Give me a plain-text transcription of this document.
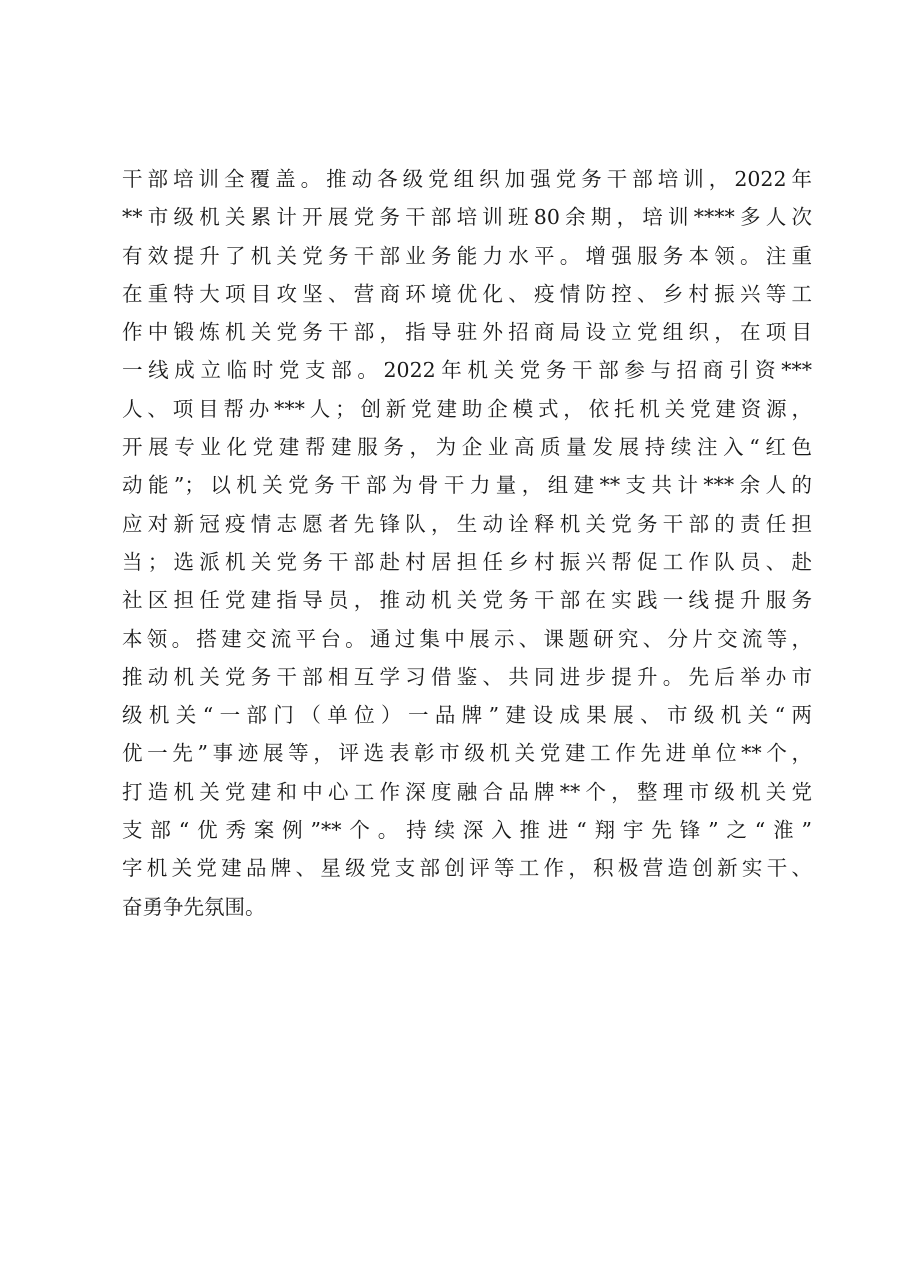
干部培训全覆盖。推动各级党组织加强党务干部培训，2022年
**市级机关累计开展党务干部培训班80余期，培训****多人次
有效提升了机关党务干部业务能力水平。增强服务本领。注重
在重特大项目攻坚、营商环境优化、疫情防控、乡村振兴等工
作中锻炼机关党务干部，指导驻外招商局设立党组织，在项目
一线成立临时党支部。2022年机关党务干部参与招商引资***
人、项目帮办***人；创新党建助企模式，依托机关党建资源，
开展专业化党建帮建服务，为企业高质量发展持续注入“红色
动能”；以机关党务干部为骨干力量，组建**支共计***余人的
应对新冠疫情志愿者先锋队，生动诠释机关党务干部的责任担
当；选派机关党务干部赴村居担任乡村振兴帮促工作队员、赴
社区担任党建指导员，推动机关党务干部在实践一线提升服务
本领。搭建交流平台。通过集中展示、课题研究、分片交流等，
推动机关党务干部相互学习借鉴、共同进步提升。先后举办市
级机关“一部门（单位）一品牌”建设成果展、市级机关“两
优一先”事迹展等，评选表彰市级机关党建工作先进单位**个，
打造机关党建和中心工作深度融合品牌**个，整理市级机关党
支部“优秀案例”**个。持续深入推进“翔宇先锋”之“淮”
字机关党建品牌、星级党支部创评等工作，积极营造创新实干、
奋勇争先氛围。
